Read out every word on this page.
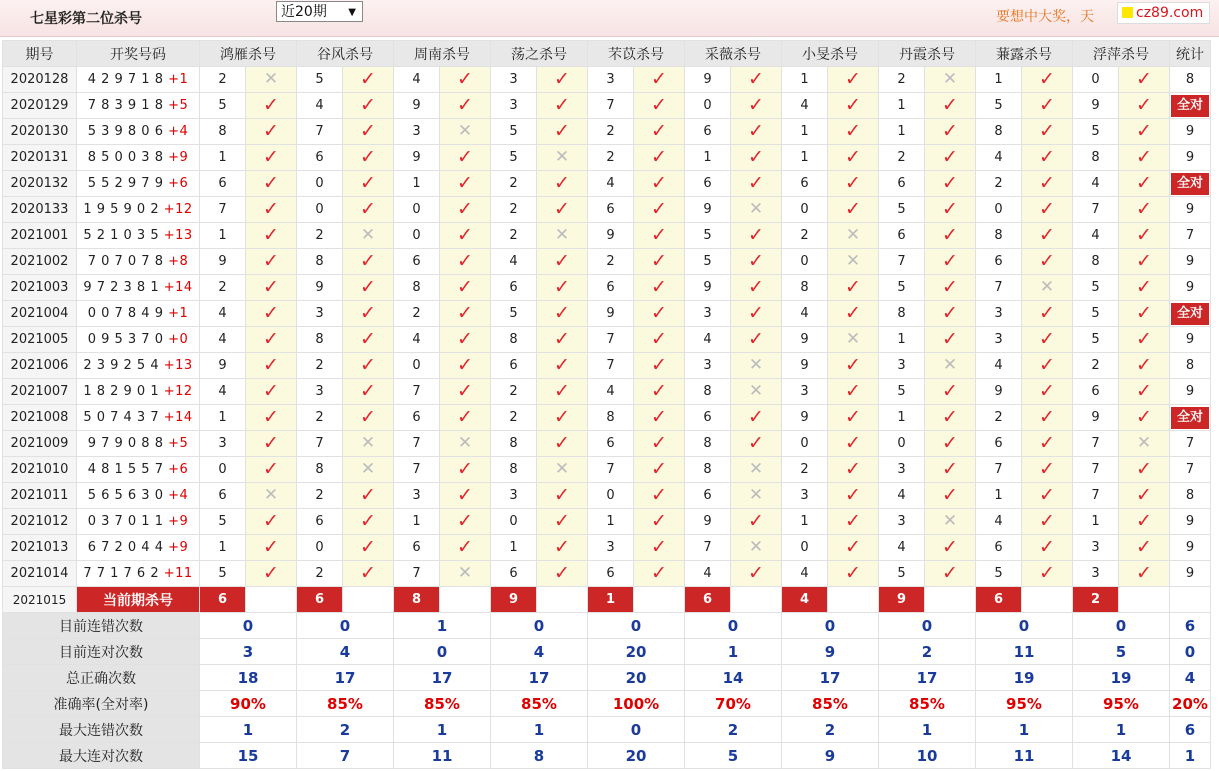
七星彩第二位杀号	近20期 ▼	要想中大奖，天	cz89.com
期号	开奖号码	鸿雁杀号		谷风杀号		周南杀号		荡之杀号		芣苡杀号		采薇杀号		小旻杀号		丹霞杀号		蒹露杀号		浮萍杀号		统计
2020128	4 2 9 7 1 8 +1	2	✕	5	✓	4	✓	3	✓	3	✓	9	✓	1	✓	2	✕	1	✓	0	✓	8
2020129	7 8 3 9 1 8 +5	5	✓	4	✓	9	✓	3	✓	7	✓	0	✓	4	✓	1	✓	5	✓	9	✓	全对

2020130	5 3 9 8 0 6 +4	8	✓	7	✓	3	✕	5	✓	2	✓	6	✓	1	✓	1	✓	8	✓	5	✓	9
2020131	8 5 0 0 3 8 +9	1	✓	6	✓	9	✓	5	✕	2	✓	1	✓	1	✓	2	✓	4	✓	8	✓	9
2020132	5 5 2 9 7 9 +6	6	✓	0	✓	1	✓	2	✓	4	✓	6	✓	6	✓	6	✓	2	✓	4	✓	全对

2020133	1 9 5 9 0 2 +12	7	✓	0	✓	0	✓	2	✓	6	✓	9	✕	0	✓	5	✓	0	✓	7	✓	9
2021001	5 2 1 0 3 5 +13	1	✓	2	✕	0	✓	2	✕	9	✓	5	✓	2	✕	6	✓	8	✓	4	✓	7
2021002	7 0 7 0 7 8 +8	9	✓	8	✓	6	✓	4	✓	2	✓	5	✓	0	✕	7	✓	6	✓	8	✓	9
2021003	9 7 2 3 8 1 +14	2	✓	9	✓	8	✓	6	✓	6	✓	9	✓	8	✓	5	✓	7	✕	5	✓	9
2021004	0 0 7 8 4 9 +1	4	✓	3	✓	2	✓	5	✓	9	✓	3	✓	4	✓	8	✓	3	✓	5	✓	全对

2021005	0 9 5 3 7 0 +0	4	✓	8	✓	4	✓	8	✓	7	✓	4	✓	9	✕	1	✓	3	✓	5	✓	9
2021006	2 3 9 2 5 4 +13	9	✓	2	✓	0	✓	6	✓	7	✓	3	✕	9	✓	3	✕	4	✓	2	✓	8
2021007	1 8 2 9 0 1 +12	4	✓	3	✓	7	✓	2	✓	4	✓	8	✕	3	✓	5	✓	9	✓	6	✓	9
2021008	5 0 7 4 3 7 +14	1	✓	2	✓	6	✓	2	✓	8	✓	6	✓	9	✓	1	✓	2	✓	9	✓	全对

2021009	9 7 9 0 8 8 +5	3	✓	7	✕	7	✕	8	✓	6	✓	8	✓	0	✓	0	✓	6	✓	7	✕	7
2021010	4 8 1 5 5 7 +6	0	✓	8	✕	7	✓	8	✕	7	✓	8	✕	2	✓	3	✓	7	✓	7	✓	7
2021011	5 6 5 6 3 0 +4	6	✕	2	✓	3	✓	3	✓	0	✓	6	✕	3	✓	4	✓	1	✓	7	✓	8
2021012	0 3 7 0 1 1 +9	5	✓	6	✓	1	✓	0	✓	1	✓	9	✓	1	✓	3	✕	4	✓	1	✓	9
2021013	6 7 2 0 4 4 +9	1	✓	0	✓	6	✓	1	✓	3	✓	7	✕	0	✓	4	✓	6	✓	3	✓	9
2021014	7 7 1 7 6 2 +11	5	✓	2	✓	7	✕	6	✓	6	✓	4	✓	4	✓	5	✓	5	✓	3	✓	9
2021015	当前期杀号	6		6		8		9		1		6		4		9		6		2		
目前连错次数		0		0		1		0		0		0		0		0		0		0		6
目前连对次数		3		4		0		4		20		1		9		2		11		5		0
总正确次数		18		17		17		17		20		14		17		17		19		19		4
准确率(全对率)		90%		85%		85%		85%		100%		70%		85%		85%		95%		95%		20%
最大连错次数		1		2		1		1		0		2		2		1		1		1		6
最大连对次数		15		7		11		8		20		5		9		10		11		14		1
